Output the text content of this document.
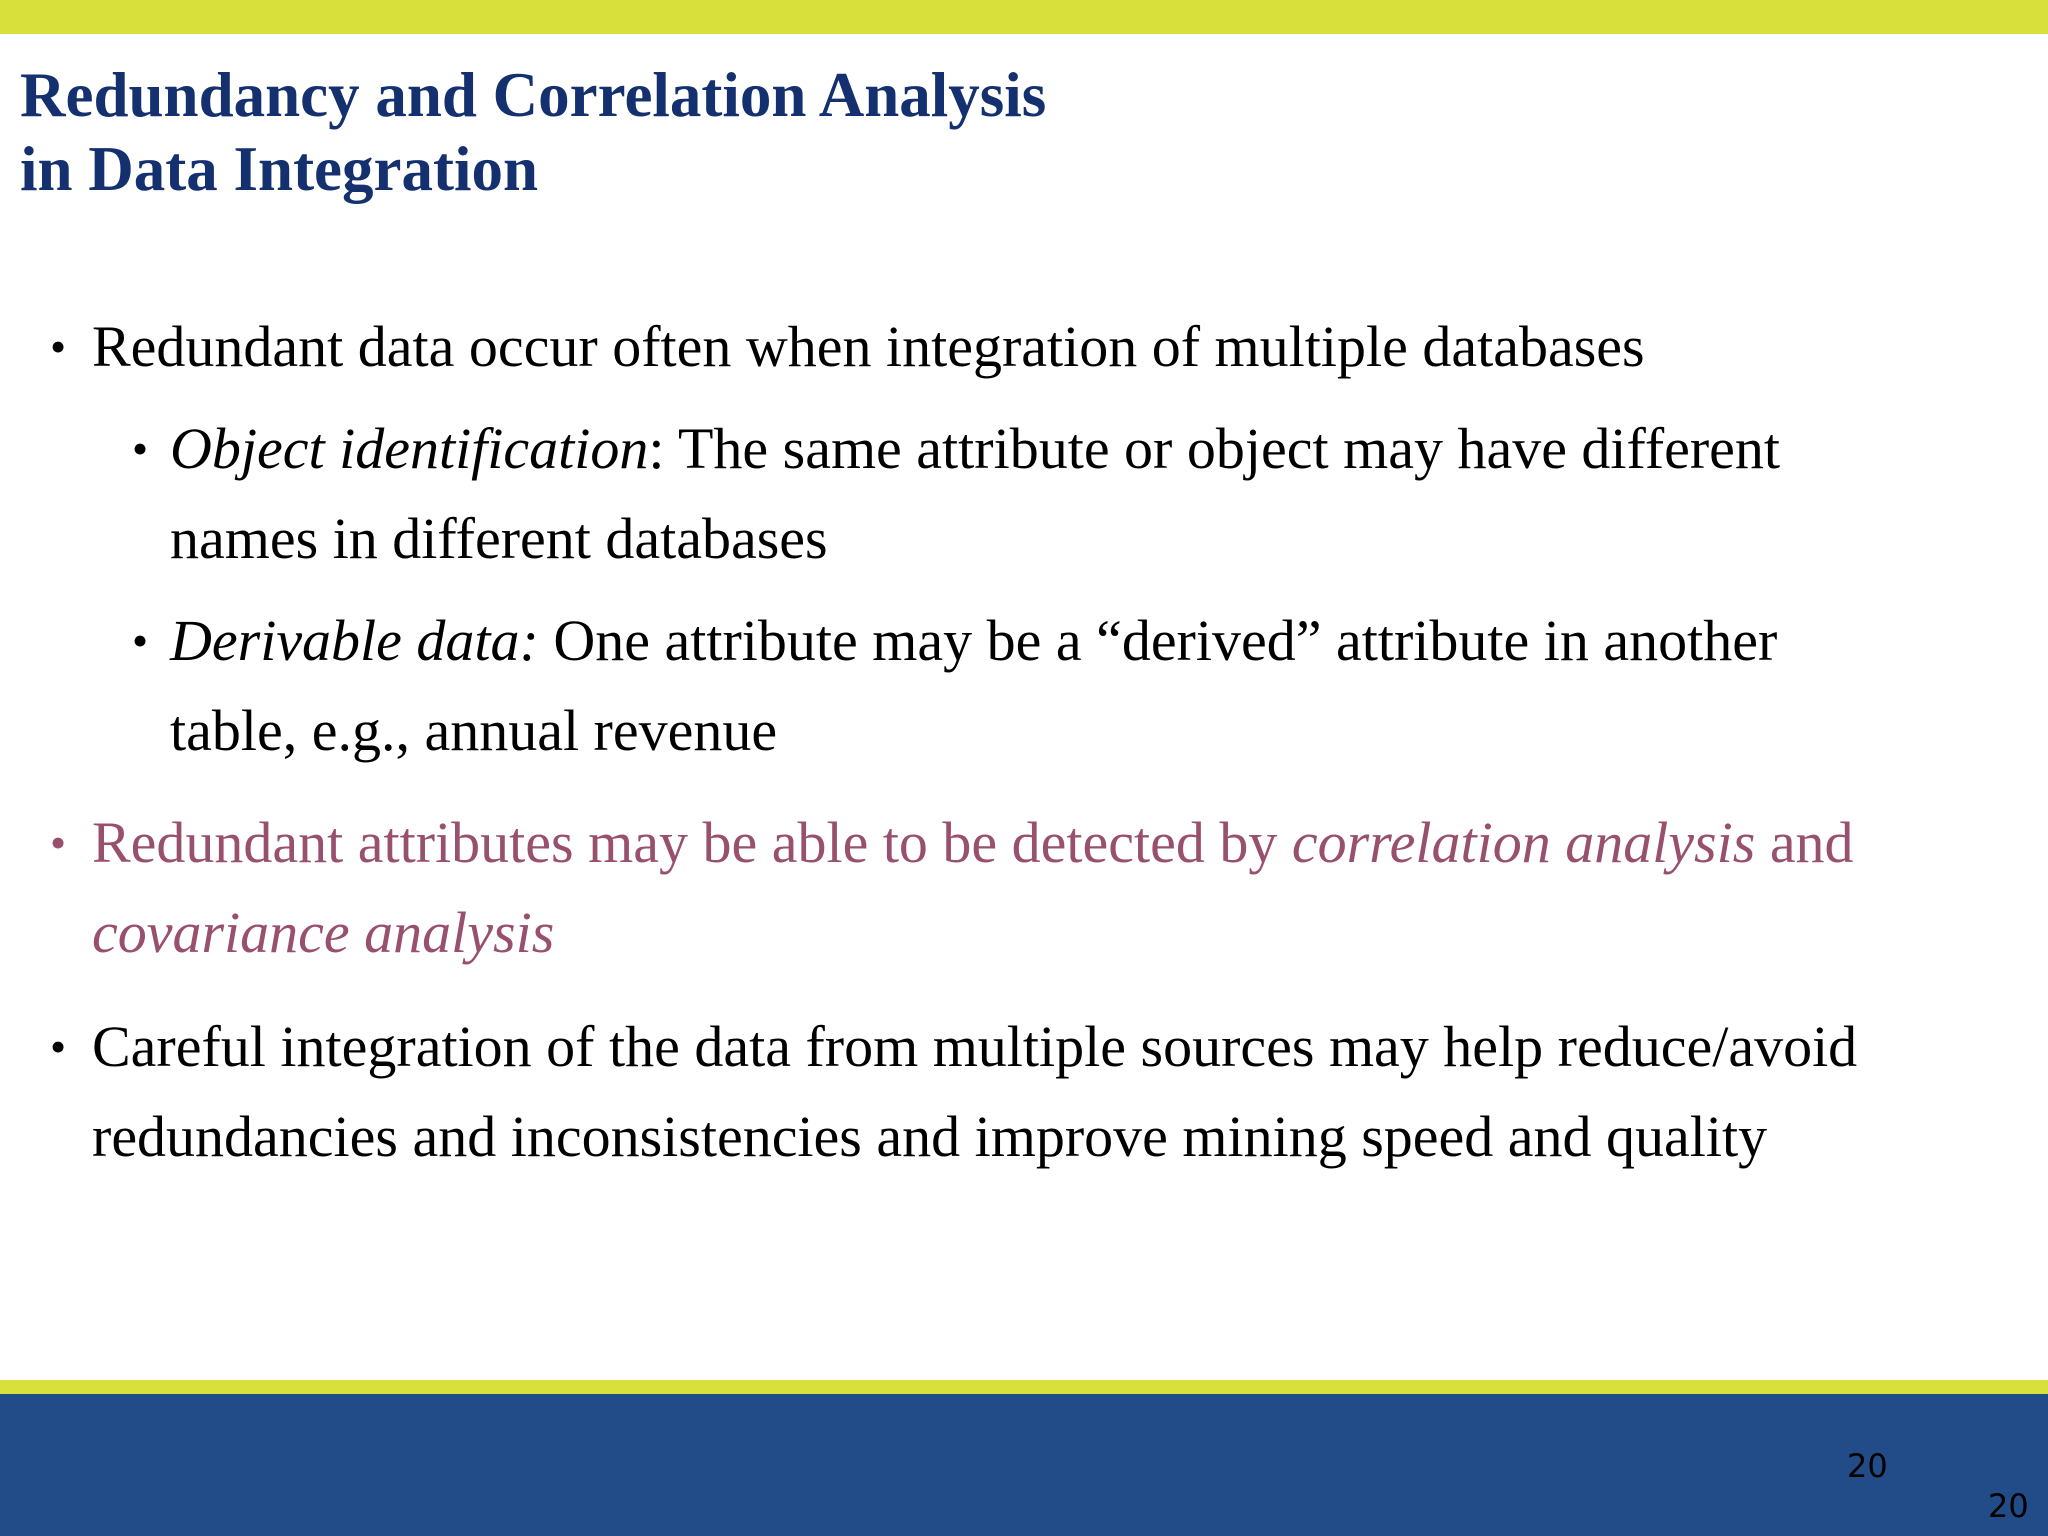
Redundancy and Correlation Analysis
in Data Integration
• Redundant data occur often when integration of multiple databases
• Object identification: The same attribute or object may have different
names in different databases
• Derivable data: One attribute may be a “derived” attribute in another
table, e.g., annual revenue
• Redundant attributes may be able to be detected by correlation analysis and
covariance analysis
• Careful integration of the data from multiple sources may help reduce/avoid
redundancies and inconsistencies and improve mining speed and quality
20
20
